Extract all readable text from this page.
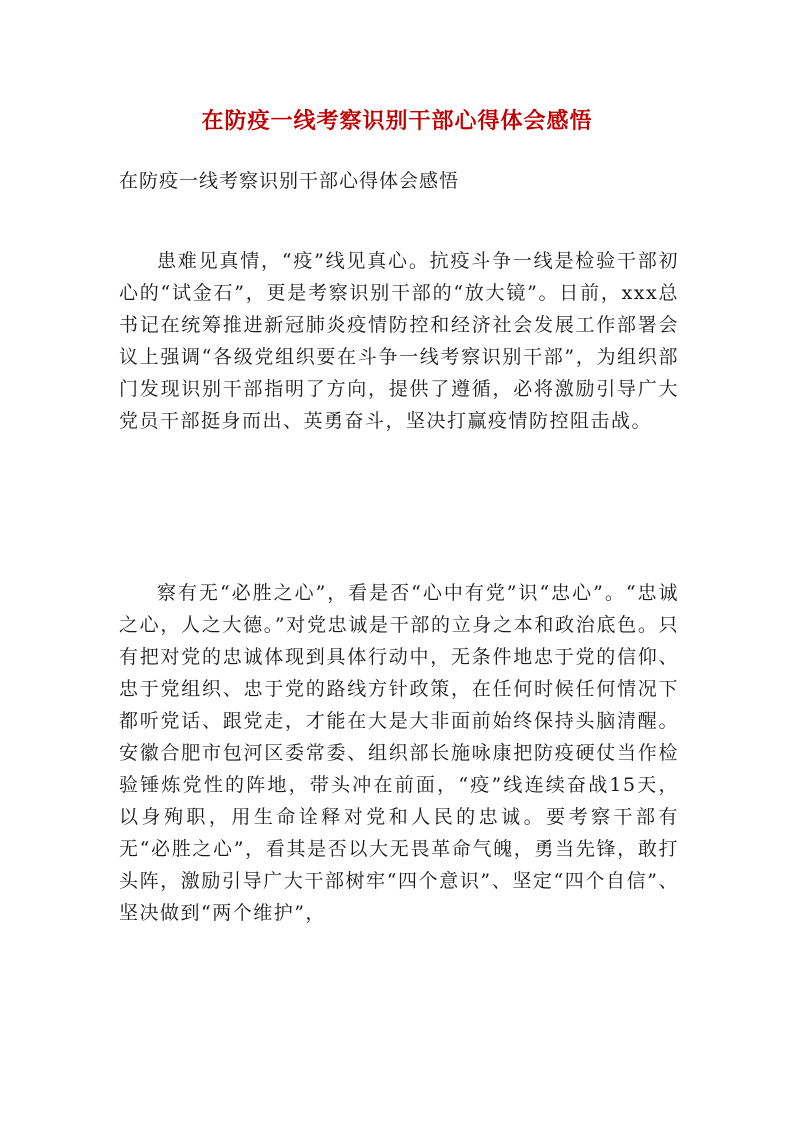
在防疫一线考察识别干部心得体会感悟
在防疫一线考察识别干部心得体会感悟
患难见真情，“疫”线见真心。抗疫斗争一线是检验干部初心的“试金石”，更是考察识别干部的“放大镜”。日前，xxx总书记在统筹推进新冠肺炎疫情防控和经济社会发展工作部署会议上强调“各级党组织要在斗争一线考察识别干部”，为组织部门发现识别干部指明了方向，提供了遵循，必将激励引导广大党员干部挺身而出、英勇奋斗，坚决打赢疫情防控阻击战。
察有无“必胜之心”，看是否“心中有党”识“忠心”。“忠诚之心，人之大德。”对党忠诚是干部的立身之本和政治底色。只有把对党的忠诚体现到具体行动中，无条件地忠于党的信仰、忠于党组织、忠于党的路线方针政策，在任何时候任何情况下都听党话、跟党走，才能在大是大非面前始终保持头脑清醒。安徽合肥市包河区委常委、组织部长施咏康把防疫硬仗当作检验锤炼党性的阵地，带头冲在前面，“疫”线连续奋战15天，以身殉职，用生命诠释对党和人民的忠诚。要考察干部有无“必胜之心”，看其是否以大无畏革命气魄，勇当先锋，敢打头阵，激励引导广大干部树牢“四个意识”、坚定“四个自信”、坚决做到“两个维护”，
